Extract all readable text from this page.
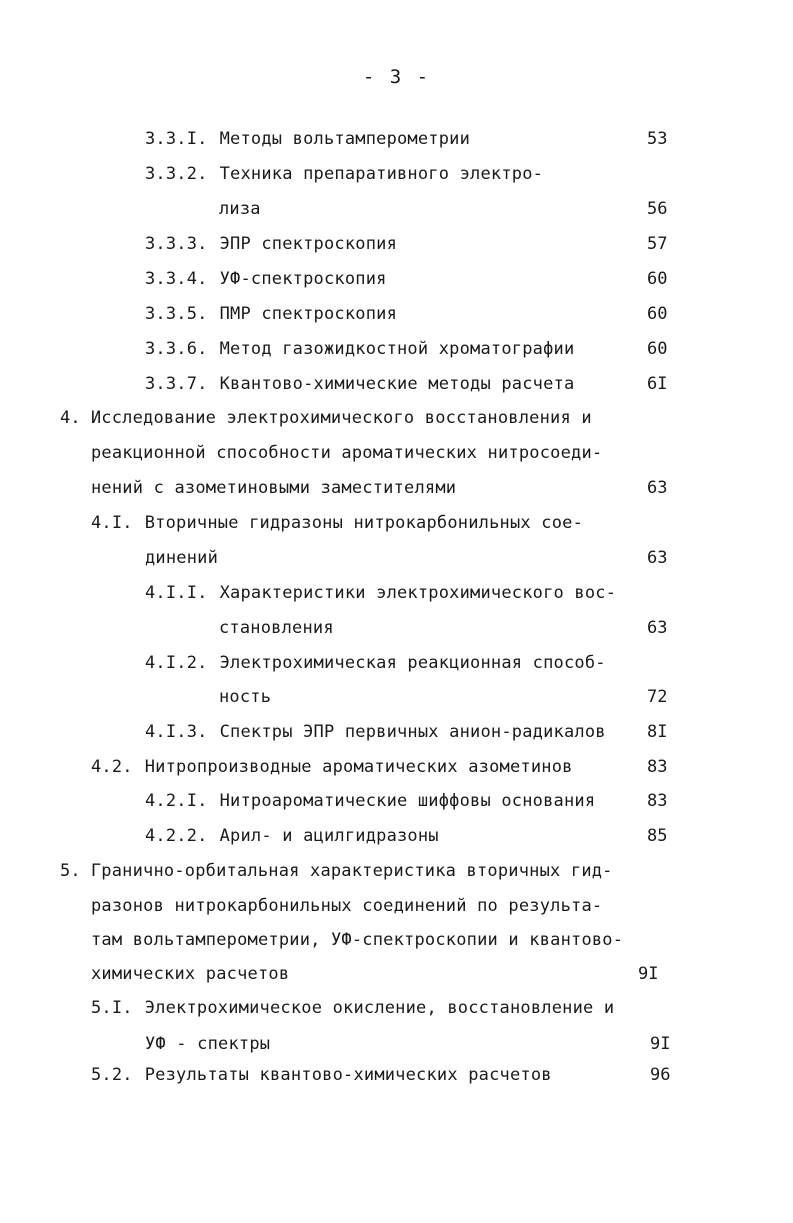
- 3 -
3.3.I. Методы вольтамперометрии	53
3.3.2. Техника препаративного электро-
лиза	56
3.3.3. ЭПР спектроскопия	57
3.3.4. УФ-спектроскопия	60
3.3.5. ПМР спектроскопия	60
3.3.6. Метод газожидкостной хроматографии	60
3.3.7. Квантово-химические методы расчета	6I
4. Исследование электрохимического восстановления и
реакционной способности ароматических нитросоеди-
нений с азометиновыми заместителями	63
4.I. Вторичные гидразоны нитрокарбонильных сое-
динений	63
4.I.I. Характеристики электрохимического вос-
становления	63
4.I.2. Электрохимическая реакционная способ-
ность	72
4.I.3. Спектры ЭПР первичных анион-радикалов 8I
4.2. Нитропроизводные ароматических азометинов	83
4.2.I. Нитроароматические шиффовы основания	83
4.2.2. Арил- и ацилгидразоны	85
5. Гранично-орбитальная характеристика вторичных гид-
разонов нитрокарбонильных соединений по результа-
там вольтамперометрии, УФ-спектроскопии и квантово-
химических расчетов	9I
5.I. Электрохимическое окисление, восстановление и
УФ - спектры	9I
5.2. Результаты квантово-химических расчетов	96
